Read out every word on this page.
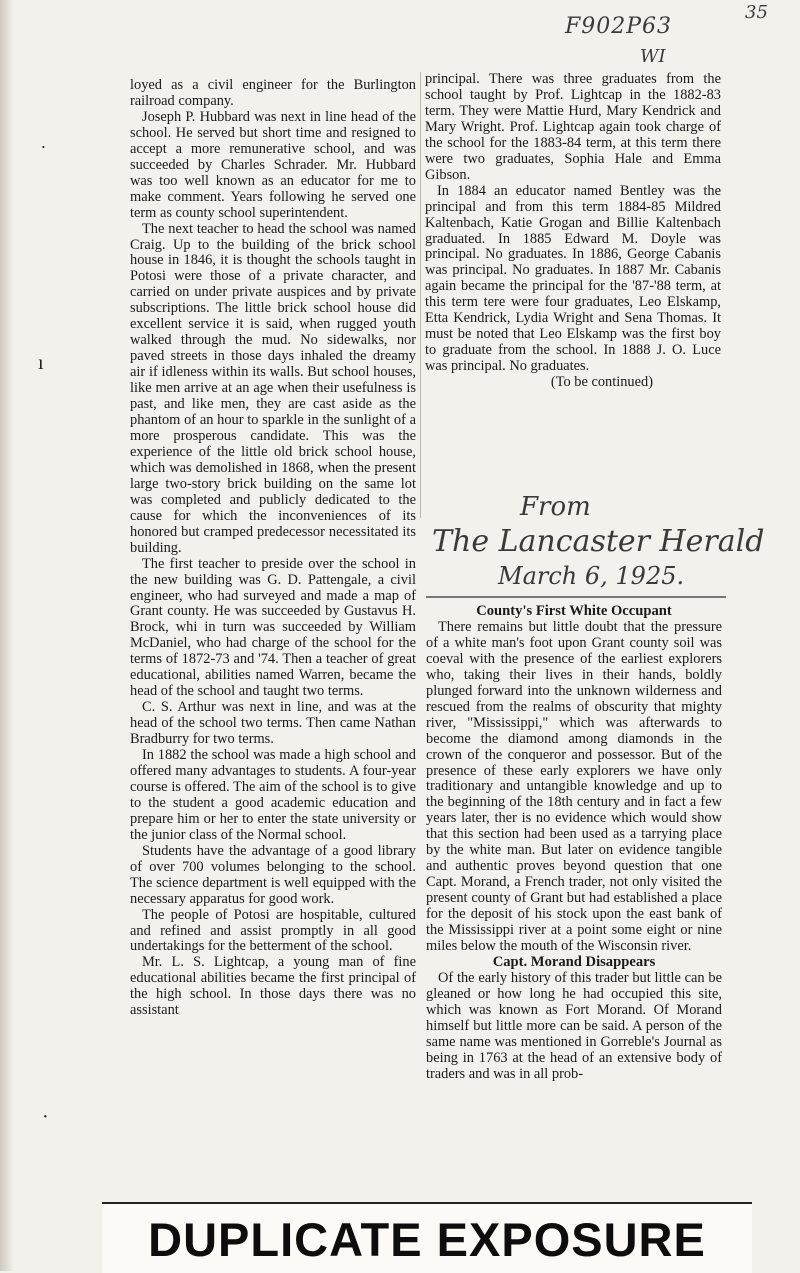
F902P63
WI
35
˙
ı
·

loyed as a civil engineer for the Burlington railroad company.

Joseph P. Hubbard was next in line head of the school. He served but short time and resigned to accept a more remunerative school, and was succeeded by Charles Schrader. Mr. Hubbard was too well known as an educator for me to make comment. Years following he served one term as county school superintendent.

The next teacher to head the school was named Craig. Up to the building of the brick school house in 1846, it is thought the schools taught in Potosi were those of a private character, and carried on under private auspices and by private subscriptions. The little brick school house did excellent service it is said, when rugged youth walked through the mud. No sidewalks, nor paved streets in those days inhaled the dreamy air if idleness within its walls. But school houses, like men arrive at an age when their usefulness is past, and like men, they are cast aside as the phantom of an hour to sparkle in the sunlight of a more prosperous candidate. This was the experience of the little old brick school house, which was demolished in 1868, when the present large two-story brick building on the same lot was completed and publicly dedicated to the cause for which the inconveniences of its honored but cramped predecessor necessitated its building.

The first teacher to preside over the school in the new building was G. D. Pattengale, a civil engineer, who had surveyed and made a map of Grant county. He was succeeded by Gustavus H. Brock, whi in turn was succeeded by William McDaniel, who had charge of the school for the terms of 1872-73 and '74. Then a teacher of great educational, abilities named Warren, became the head of the school and taught two terms.

C. S. Arthur was next in line, and was at the head of the school two terms. Then came Nathan Bradburry for two terms.

In 1882 the school was made a high school and offered many advantages to students. A four-year course is offered. The aim of the school is to give to the student a good academic education and prepare him or her to enter the state university or the junior class of the Normal school.

Students have the advantage of a good library of over 700 volumes belonging to the school. The science department is well equipped with the necessary apparatus for good work.

The people of Potosi are hospitable, cultured and refined and assist promptly in all good undertakings for the betterment of the school.

Mr. L. S. Lightcap, a young man of fine educational abilities became the first principal of the high school. In those days there was no assistant

principal. There was three graduates from the school taught by Prof. Lightcap in the 1882-83 term. They were Mattie Hurd, Mary Kendrick and Mary Wright. Prof. Lightcap again took charge of the school for the 1883-84 term, at this term there were two graduates, Sophia Hale and Emma Gibson.

In 1884 an educator named Bentley was the principal and from this term 1884-85 Mildred Kaltenbach, Katie Grogan and Billie Kaltenbach graduated. In 1885 Edward M. Doyle was principal. No graduates. In 1886, George Cabanis was principal. No graduates. In 1887 Mr. Cabanis again became the principal for the '87-'88 term, at this term tere were four graduates, Leo Elskamp, Etta Kendrick, Lydia Wright and Sena Thomas. It must be noted that Leo Elskamp was the first boy to graduate from the school. In 1888 J. O. Luce was principal. No graduates.

(To be continued)

From
The Lancaster Herald
March 6, 1925.

County's First White Occupant

There remains but little doubt that the pressure of a white man's foot upon Grant county soil was coeval with the presence of the earliest explorers who, taking their lives in their hands, boldly plunged forward into the unknown wilderness and rescued from the realms of obscurity that mighty river, "Mississippi," which was afterwards to become the diamond among diamonds in the crown of the conqueror and possessor. But of the presence of these early explorers we have only traditionary and untangible knowledge and up to the beginning of the 18th century and in fact a few years later, ther is no evidence which would show that this section had been used as a tarrying place by the white man. But later on evidence tangible and authentic proves beyond question that one Capt. Morand, a French trader, not only visited the present county of Grant but had established a place for the deposit of his stock upon the east bank of the Mississippi river at a point some eight or nine miles below the mouth of the Wisconsin river.

Capt. Morand Disappears

Of the early history of this trader but little can be gleaned or how long he had occupied this site, which was known as Fort Morand. Of Morand himself but little more can be said. A person of the same name was mentioned in Gorreble's Journal as being in 1763 at the head of an extensive body of traders and was in all prob-

DUPLICATE EXPOSURE
